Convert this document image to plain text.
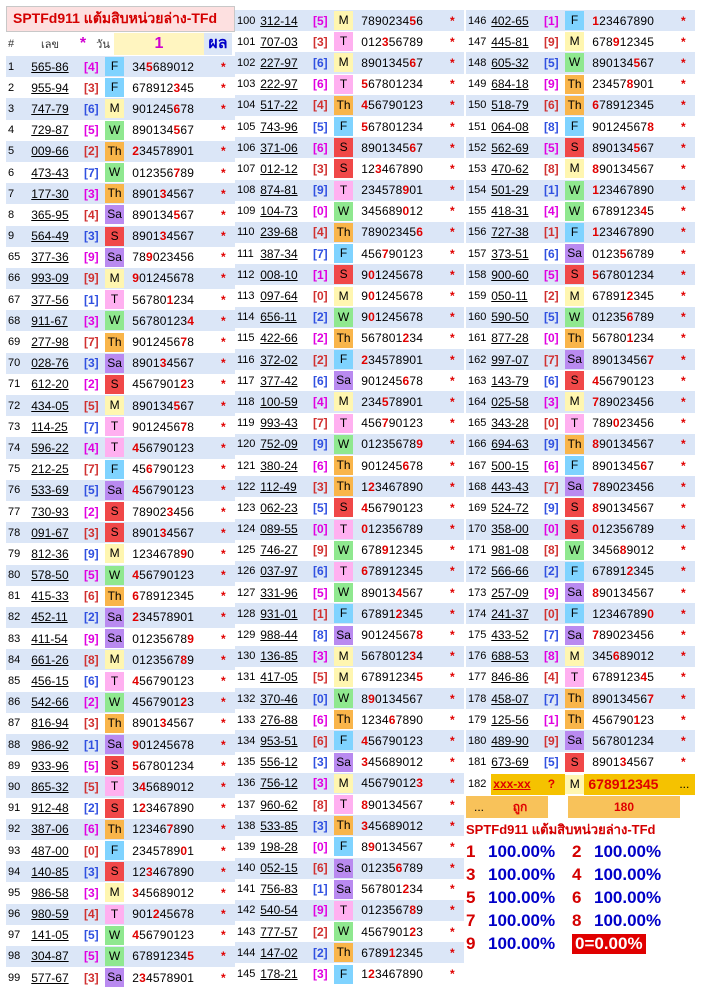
SPTFd911 แต้มสิบหน่วยล่าง-TFd
#	เลข	* วัน	1	ผล
1	565-86	[4]	F	345689012	*
2	955-94	[3]	F	678912345	*
3	747-79	[6] M	901245678	*
4	729-87	[5] W	890134567	*
5	009-66	[2] Th 234578901	*
6	473-43	[7] W	012356789	*
7	177-30	[3] Th 890134567	*
8	365-95	[4] Sa 890134567	*
9	564-49	[3] S	890134567	*
65 377-36	[9] Sa 789023456	*
66 993-09	[9] M	901245678	*
67 377-56	[1]	T	567801234	*
68 911-67	[3] W	567801234	*
69 277-98	[7] Th 901245678	*
70 028-76	[3] Sa 890134567	*
71 612-20	[2] S	456790123	*
72 434-05	[5] M	890134567	*
73 114-25	[7]	T	901245678	*
74 596-22	[4]	T	456790123	*
75 212-25	[7]	F	456790123	*
76 533-69	[5] Sa 456790123	*
77 730-93	[2] S	789023456	*
78 091-67	[3] S	890134567	*
79 812-36	[9] M	123467890	*
80 578-50	[5] W	456790123	*
81 415-33	[6] Th 678912345	*
82 452-11	[2] Sa 234578901	*
83 411-54	[9] Sa 012356789	*
84 661-26	[8] M	012356789	*
85 456-15	[6]	T	456790123	*
86 542-66	[2] W	456790123	*
87 816-94	[3] Th 890134567	*
88 986-92	[1] Sa 901245678	*
89 933-96	[5] S	567801234	*
90 865-32	[5]	T	345689012	*
91 912-48	[2] S	123467890	*
92 387-06	[6] Th 123467890	*
93 487-00	[0]	F	234578901	*
94 140-85	[3] S	123467890	*
95 986-58	[3] M	345689012	*
96 980-59	[4]	T	901245678	*
97 141-05	[5] W	456790123	*
98 304-87	[5] W	678912345	*
99 577-67	[3] Sa 234578901	*
100 312-14	[5] M	789023456	*
101 707-03	[3]	T	012356789	*
102 227-97	[6] M	890134567	*
103 222-97	[6]	T	567801234	*
104 517-22	[4] Th 456790123	*
105 743-96	[5]	F	567801234	*
106 371-06	[6] S	890134567	*
107 012-12	[3] S	123467890	*
108 874-81	[9]	T	234578901	*
109 104-73	[0] W	345689012	*
110 239-68	[4] Th 789023456	*
111 387-34	[7]	F	456790123	*
112 008-10	[1] S	901245678	*
113 097-64	[0] M	901245678	*
114 656-11	[2] W	901245678	*
115 422-66	[2] Th 567801234	*
116 372-02	[2]	F	234578901	*
117 377-42	[6] Sa 901245678	*
118 100-59	[4] M	234578901	*
119 993-43	[7]	T	456790123	*
120 752-09	[9] W	012356789	*
121 380-24	[6] Th 901245678	*
122 112-49	[3] Th 123467890	*
123 062-23	[5] S	456790123	*
124 089-55	[0]	T	012356789	*
125 746-27	[9] W	678912345	*
126 037-97	[6]	T	678912345	*
127 331-96	[5] W	890134567	*
128 931-01	[1]	F	678912345	*
129 988-44	[8] Sa 901245678	*
130 136-85	[3] M	567801234	*
131 417-05	[5] M	678912345	*
132 370-46	[0] W	890134567	*
133 276-88	[6] Th 123467890	*
134 953-51	[6]	F	456790123	*
135 556-12	[3] Sa 345689012	*
136 756-12	[3] M	456790123	*
137 960-62	[8]	T	890134567	*
138 533-85	[3] Th 345689012	*
139 198-28	[0]	F	890134567	*
140 052-15	[6] Sa 012356789	*
141 756-83	[1] Sa 567801234	*
142 540-54	[9]	T	012356789	*
143 777-57	[2] W	456790123	*
144 147-02	[2] Th 678912345	*
145 178-21	[3]	F	123467890	*
146 402-65	[1]	F	123467890	*
147 445-81	[9] M	678912345	*
148 605-32	[5] W	890134567	*
149 684-18	[9] Th 234578901	*
150 518-79	[6] Th 678912345	*
151 064-08	[8]	F	901245678	*
152 562-69	[5] S	890134567	*
153 470-62	[8] M	890134567	*
154 501-29	[1] W	123467890	*
155 418-31	[4] W	678912345	*
156 727-38	[1]	F	123467890	*
157 373-51	[6] Sa 012356789	*
158 900-60	[5] S	567801234	*
159 050-11	[2] M	678912345	*
160 590-50	[5] W	012356789	*
161 877-28	[0] Th 567801234	*
162 997-07	[7] Sa 890134567	*
163 143-79	[6] S	456790123	*
164 025-58	[3] M	789023456	*
165 343-28	[0]	T	789023456	*
166 694-63	[9] Th 890134567	*
167 500-15	[6]	F	890134567	*
168 443-43	[7] Sa 789023456	*
169 524-72	[9] S	890134567	*
170 358-00	[0] S	012356789	*
171 981-08	[8] W	345689012	*
172 566-66	[2]	F	678912345	*
173 257-09	[9] Sa 890134567	*
174 241-37	[0]	F	123467890	*
175 433-52	[7] Sa 789023456	*
176 688-53	[8] M	345689012	*
177 846-86	[4]	T	678912345	*
178 458-07	[7] Th 890134567	*
179 125-56	[1] Th 456790123	*
180 489-90	[9] Sa 567801234	*
181 673-69	[5] S	890134567	*
182 xxx-xx	?	M 678912345	...
...	ถูก	180
SPTFd911 แต้มสิบหน่วยล่าง-TFd
1 100.00% 2 100.00%
3 100.00% 4 100.00%
5 100.00% 6 100.00%
7 100.00% 8 100.00%
9 100.00%	0=0.00%
